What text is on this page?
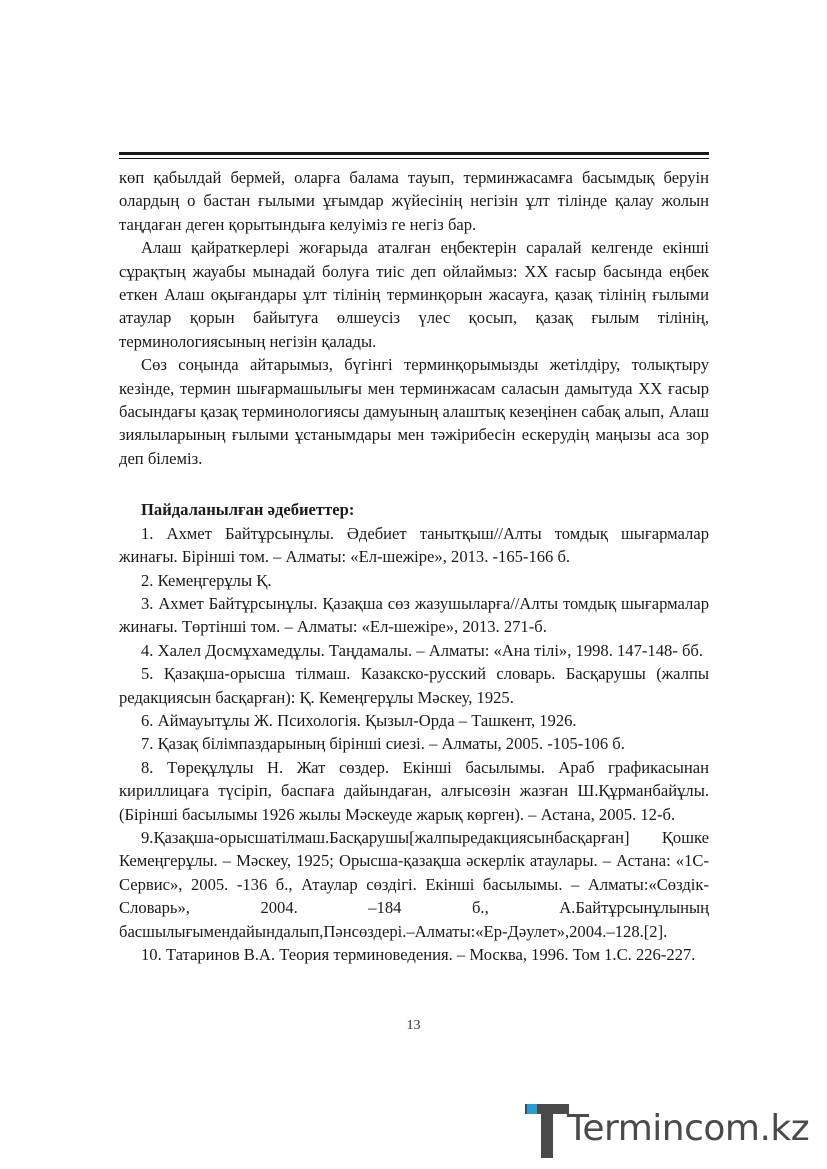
көп қабылдай бермей, оларға балама тауып, терминжасамға басымдық беруін олардың о бастан ғылыми ұғымдар жүйесінің негізін ұлт тілінде қалау жолын таңдаған деген қорытындыға келуіміз ге негіз бар.

Алаш қайраткерлері жоғарыда аталған еңбектерін саралай келгенде екінші сұрақтың жауабы мынадай болуға тиіс деп ойлаймыз: ХХ ғасыр басында еңбек еткен Алаш оқығандары ұлт тілінің терминқорын жасауға, қазақ тілінің ғылыми атаулар қорын байытуға өлшеусіз үлес қосып, қазақ ғылым тілінің, терминологиясының негізін қалады.

Сөз соңында айтарымыз, бүгінгі терминқорымызды жетілдіру, толықтыру кезінде, термин шығармашылығы мен терминжасам саласын дамытуда ХХ ғасыр басындағы қазақ терминологиясы дамуының алаштық кезеңінен сабақ алып, Алаш зиялыларының ғылыми ұстанымдары мен тәжірибесін ескерудің маңызы аса зор деп білеміз.

Пайдаланылған әдебиеттер:

1. Ахмет Байтұрсынұлы. Әдебиет танытқыш//Алты томдық шығармалар жинағы. Бірінші том. – Алматы: «Ел-шежіре», 2013. -165-166 б.

2. Кемеңгерұлы Қ.

3. Ахмет Байтұрсынұлы. Қазақша сөз жазушыларға//Алты томдық шығармалар жинағы. Төртінші том. – Алматы: «Ел-шежіре», 2013. 271-б.

4. Халел Досмұхамедұлы. Таңдамалы. – Алматы: «Ана тілі», 1998. 147-148- бб.

5. Қазақша-орысша тілмаш. Казакско-русский словарь. Басқарушы (жалпы редакциясын басқарған): Қ. Кемеңгерұлы Мәскеу, 1925.

6. Аймауытұлы Ж. Психологія. Қызыл-Орда – Ташкент, 1926.

7. Қазақ білімпаздарының бірінші сиезі. – Алматы, 2005. -105-106 б.

8. Төреқұлұлы Н. Жат сөздер. Екінші басылымы. Араб графикасынан кириллицаға түсіріп, баспаға дайындаған, алғысөзін жазған Ш.Құрманбайұлы. (Бірінші басылымы 1926 жылы Мәскеуде жарық көрген). – Астана, 2005. 12-б.

9.Қазақша-орысшатілмаш.Басқарушы[жалпыредакциясынбасқарған] Қошке Кемеңгерұлы. – Мәскеу, 1925; Орысша-қазақша әскерлік атаулары. – Астана: «1С-Сервис», 2005. -136 б., Атаулар сөздігі. Екінші басылымы. – Алматы:«Сөздік-Словарь», 2004. –184 б., А.Байтұрсынұлының басшылығымендайындалып,Пәнсөздері.–Алматы:«Ер-Дәулет»,2004.–128.[2].

10. Татаринов В.А. Теория терминоведения. – Москва, 1996. Том 1.С. 226-227.

13
Termincom.kz
